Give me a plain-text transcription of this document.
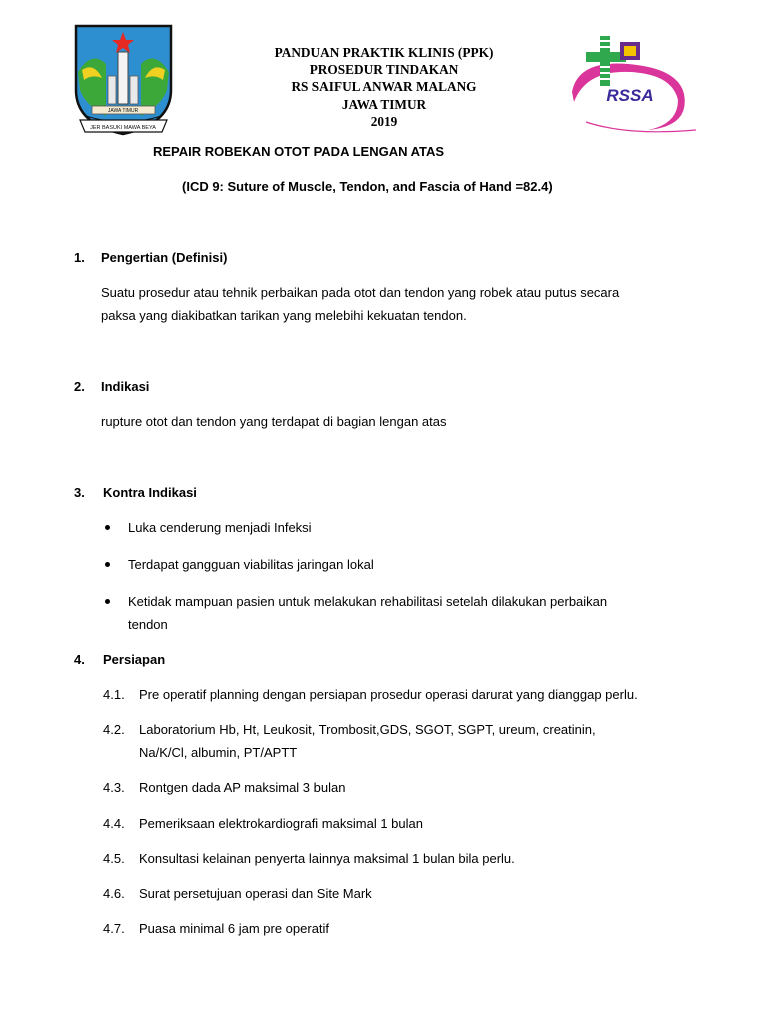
JER BASUKI MAWA BEYA
JAWA TIMUR
PANDUAN PRAKTIK KLINIS (PPK)
PROSEDUR TINDAKAN
RS SAIFUL ANWAR MALANG
JAWA TIMUR
2019
RSSA
REPAIR ROBEKAN OTOT PADA LENGAN ATAS
(ICD 9: Suture of Muscle, Tendon, and Fascia of Hand =82.4)
1. Pengertian (Definisi)
Suatu prosedur atau tehnik perbaikan pada otot dan tendon yang robek atau putus secara
paksa yang diakibatkan tarikan yang melebihi kekuatan tendon.
2. Indikasi
rupture otot dan tendon yang terdapat di bagian lengan atas
3. Kontra Indikasi
Luka cenderung menjadi Infeksi
Terdapat gangguan viabilitas jaringan lokal
Ketidak mampuan pasien untuk melakukan rehabilitasi setelah dilakukan perbaikan
tendon
4. Persiapan
4.1. Pre operatif planning dengan persiapan prosedur operasi darurat yang dianggap perlu.
4.2. Laboratorium Hb, Ht, Leukosit, Trombosit,GDS, SGOT, SGPT, ureum, creatinin,
Na/K/Cl, albumin, PT/APTT
4.3. Rontgen dada AP maksimal 3 bulan
4.4. Pemeriksaan elektrokardiografi maksimal 1 bulan
4.5. Konsultasi kelainan penyerta lainnya maksimal 1 bulan bila perlu.
4.6. Surat persetujuan operasi dan Site Mark
4.7. Puasa minimal 6 jam pre operatif
